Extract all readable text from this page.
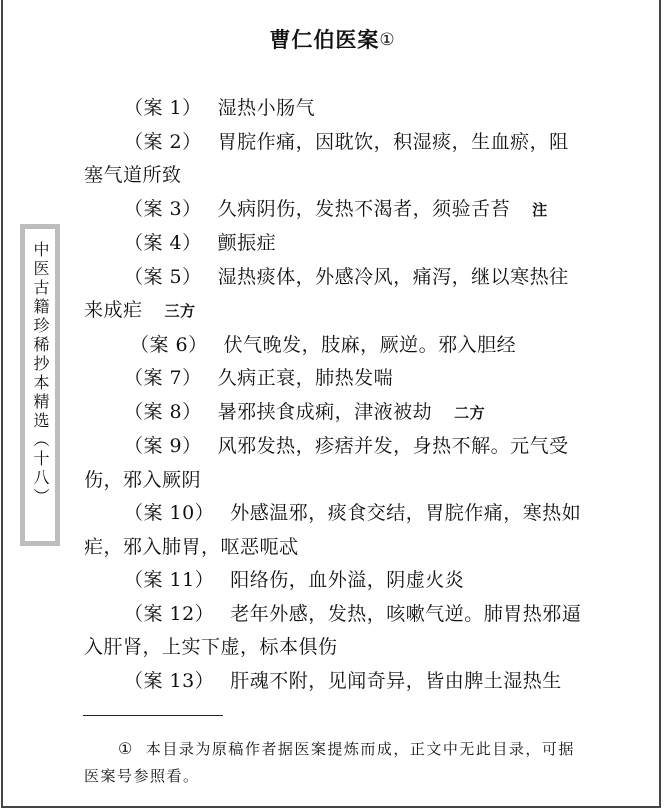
曹仁伯医案①
中医古籍珍稀抄本精选（十八）
（案 1） 湿热小肠气
（案 2） 胃脘作痛，因耽饮，积湿痰，生血瘀，阻塞气道所致
（案 3） 久病阴伤，发热不渴者，须验舌苔 注
（案 4） 颤振症
（案 5） 湿热痰体，外感冷风，痛泻，继以寒热往来成疟 三方
（案 6） 伏气晚发，肢麻，厥逆。邪入胆经
（案 7） 久病正衰，肺热发喘
（案 8） 暑邪挟食成痢，津液被劫 二方
（案 9） 风邪发热，疹痞并发，身热不解。元气受伤，邪入厥阴
（案 10） 外感温邪，痰食交结，胃脘作痛，寒热如疟，邪入肺胃，呕恶呃忒
（案 11） 阳络伤，血外溢，阴虚火炎
（案 12） 老年外感，发热，咳嗽气逆。肺胃热邪逼入肝肾，上实下虚，标本俱伤
（案 13） 肝魂不附，见闻奇异，皆由脾土湿热生
① 本目录为原稿作者据医案提炼而成，正文中无此目录，可据医案号参照看。
